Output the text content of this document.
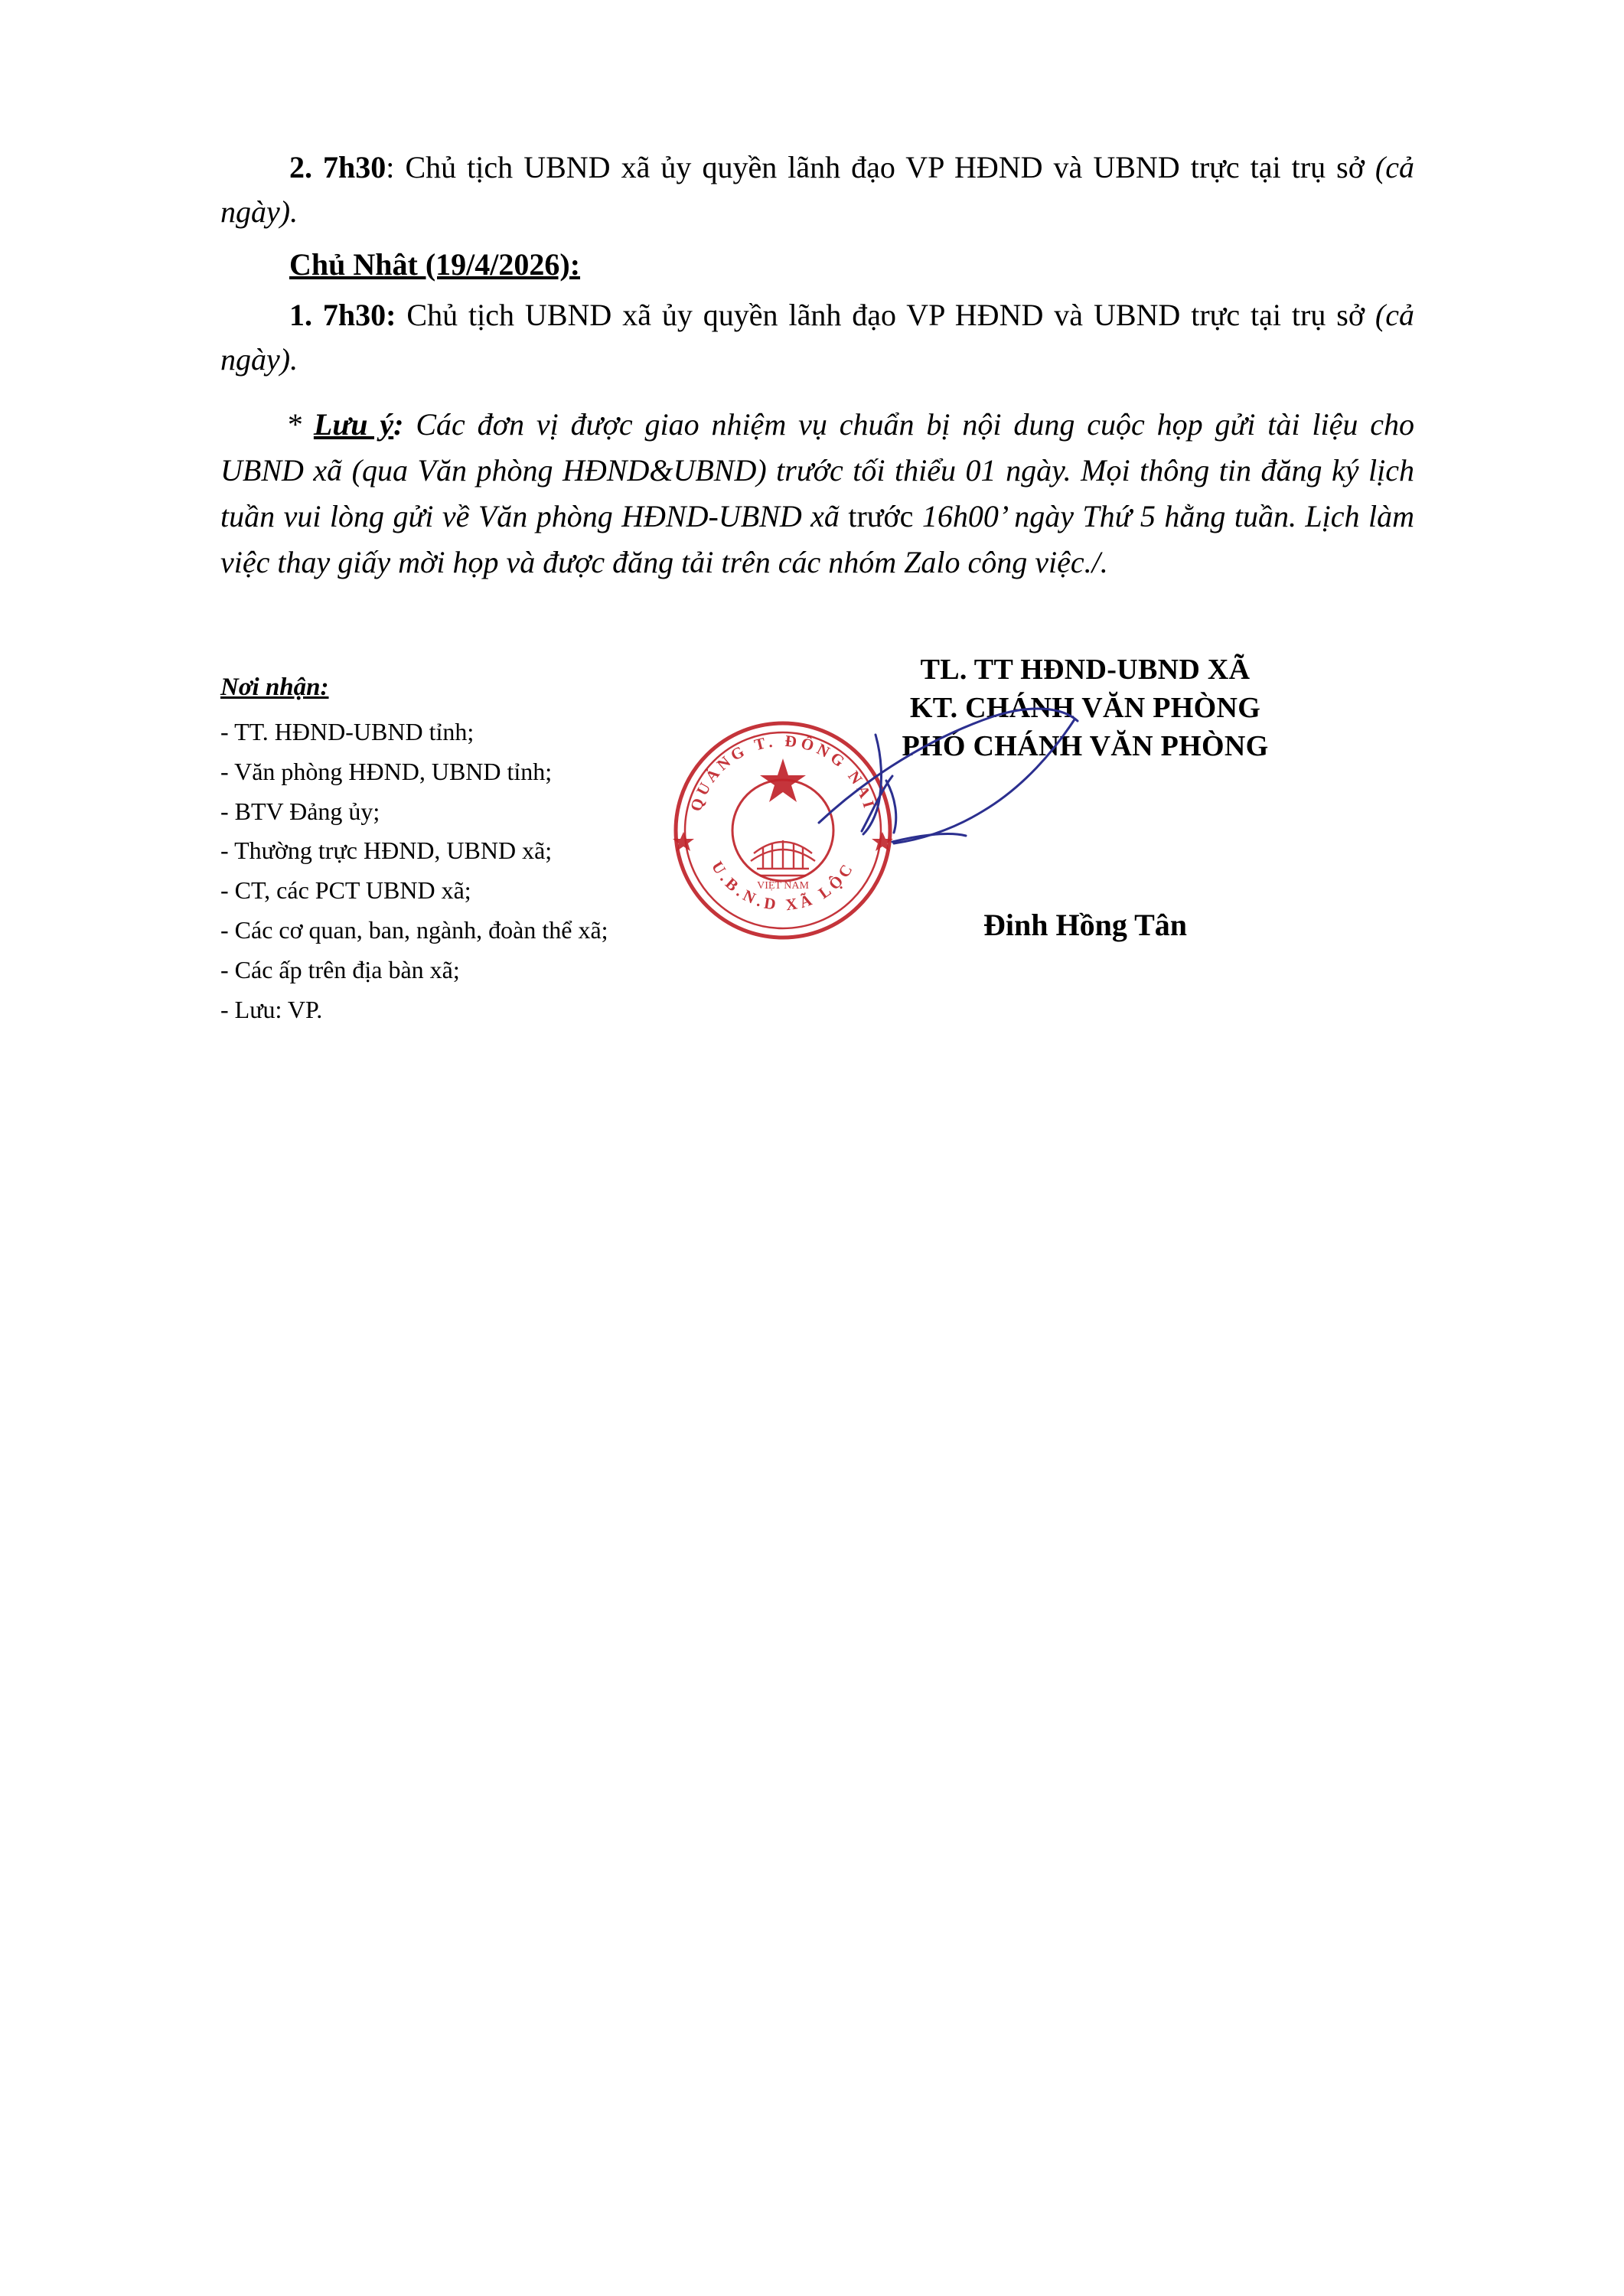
2. 7h30: Chủ tịch UBND xã ủy quyền lãnh đạo VP HĐND và UBND trực tại trụ sở (cả ngày).

Chủ Nhât (19/4/2026):

1. 7h30: Chủ tịch UBND xã ủy quyền lãnh đạo VP HĐND và UBND trực tại trụ sở (cả ngày).

* Lưu ý: Các đơn vị được giao nhiệm vụ chuẩn bị nội dung cuộc họp gửi tài liệu cho UBND xã (qua Văn phòng HĐND&UBND) trước tối thiểu 01 ngày. Mọi thông tin đăng ký lịch tuần vui lòng gửi về Văn phòng HĐND-UBND xã trước 16h00’ ngày Thứ 5 hằng tuần. Lịch làm việc thay giấy mời họp và được đăng tải trên các nhóm Zalo công việc./.

Nơi nhận:
- TT. HĐND-UBND tỉnh;
- Văn phòng HĐND, UBND tỉnh;
- BTV Đảng ủy;
- Thường trực HĐND, UBND xã;
- CT, các PCT UBND xã;
- Các cơ quan, ban, ngành, đoàn thể xã;
- Các ấp trên địa bàn xã;
- Lưu: VP.
TL. TT HĐND-UBND XÃ
KT. CHÁNH VĂN PHÒNG
PHÓ CHÁNH VĂN PHÒNG
Đinh Hồng Tân
QUẢNG T. ĐỒNG NAI
U.B.N.D XÃ LỘC
VIỆT NAM
